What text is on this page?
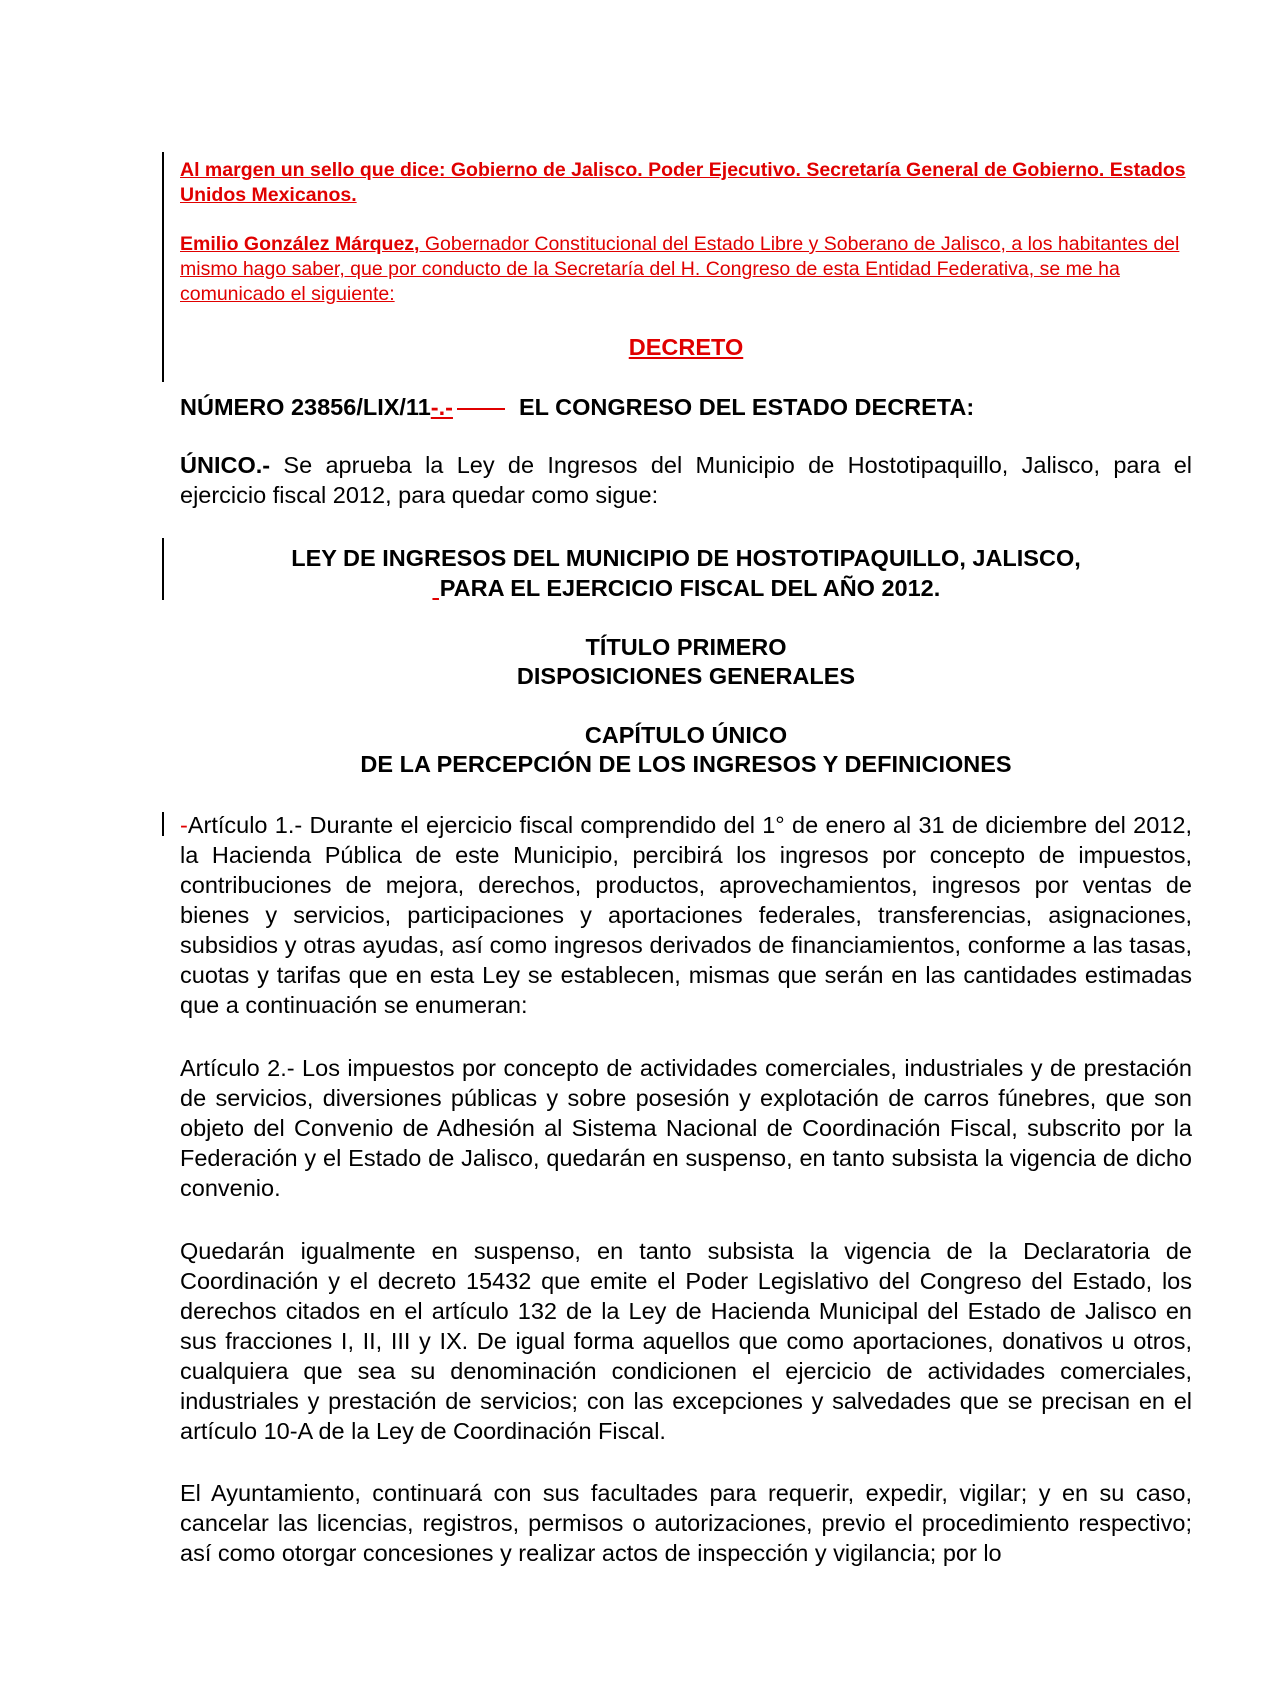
Al margen un sello que dice: Gobierno de Jalisco. Poder Ejecutivo. Secretaría General de Gobierno. Estados Unidos Mexicanos.

Emilio González Márquez, Gobernador Constitucional del Estado Libre y Soberano de Jalisco, a los habitantes del mismo hago saber, que por conducto de la Secretaría del H. Congreso de esta Entidad Federativa, se me ha comunicado el siguiente:

DECRETO

NÚMERO 23856/LIX/11-.-	EL CONGRESO DEL ESTADO DECRETA:

ÚNICO.- Se aprueba la Ley de Ingresos del Municipio de Hostotipaquillo, Jalisco, para el ejercicio fiscal 2012, para quedar como sigue:

LEY DE INGRESOS DEL MUNICIPIO DE HOSTOTIPAQUILLO, JALISCO,

PARA EL EJERCICIO FISCAL DEL AÑO 2012.

TÍTULO PRIMERO

DISPOSICIONES GENERALES

CAPÍTULO ÚNICO

DE LA PERCEPCIÓN DE LOS INGRESOS Y DEFINICIONES

-Artículo 1.- Durante el ejercicio fiscal comprendido del 1° de enero al 31 de diciembre del 2012, la Hacienda Pública de este Municipio, percibirá los ingresos por concepto de impuestos, contribuciones de mejora, derechos, productos, aprovechamientos, ingresos por ventas de bienes y servicios, participaciones y aportaciones federales, transferencias, asignaciones, subsidios y otras ayudas, así como ingresos derivados de financiamientos, conforme a las tasas, cuotas y tarifas que en esta Ley se establecen, mismas que serán en las cantidades estimadas que a continuación se enumeran:

Artículo 2.- Los impuestos por concepto de actividades comerciales, industriales y de prestación de servicios, diversiones públicas y sobre posesión y explotación de carros fúnebres, que son objeto del Convenio de Adhesión al Sistema Nacional de Coordinación Fiscal, subscrito por la Federación y el Estado de Jalisco, quedarán en suspenso, en tanto subsista la vigencia de dicho convenio.

Quedarán igualmente en suspenso, en tanto subsista la vigencia de la Declaratoria de Coordinación y el decreto 15432 que emite el Poder Legislativo del Congreso del Estado, los derechos citados en el artículo 132 de la Ley de Hacienda Municipal del Estado de Jalisco en sus fracciones I, II, III y IX. De igual forma aquellos que como aportaciones, donativos u otros, cualquiera que sea su denominación condicionen el ejercicio de actividades comerciales, industriales y prestación de servicios; con las excepciones y salvedades que se precisan en el artículo 10-A de la Ley de Coordinación Fiscal.

El Ayuntamiento, continuará con sus facultades para requerir, expedir, vigilar; y en su caso, cancelar las licencias, registros, permisos o autorizaciones, previo el procedimiento respectivo; así como otorgar concesiones y realizar actos de inspección y vigilancia; por lo
